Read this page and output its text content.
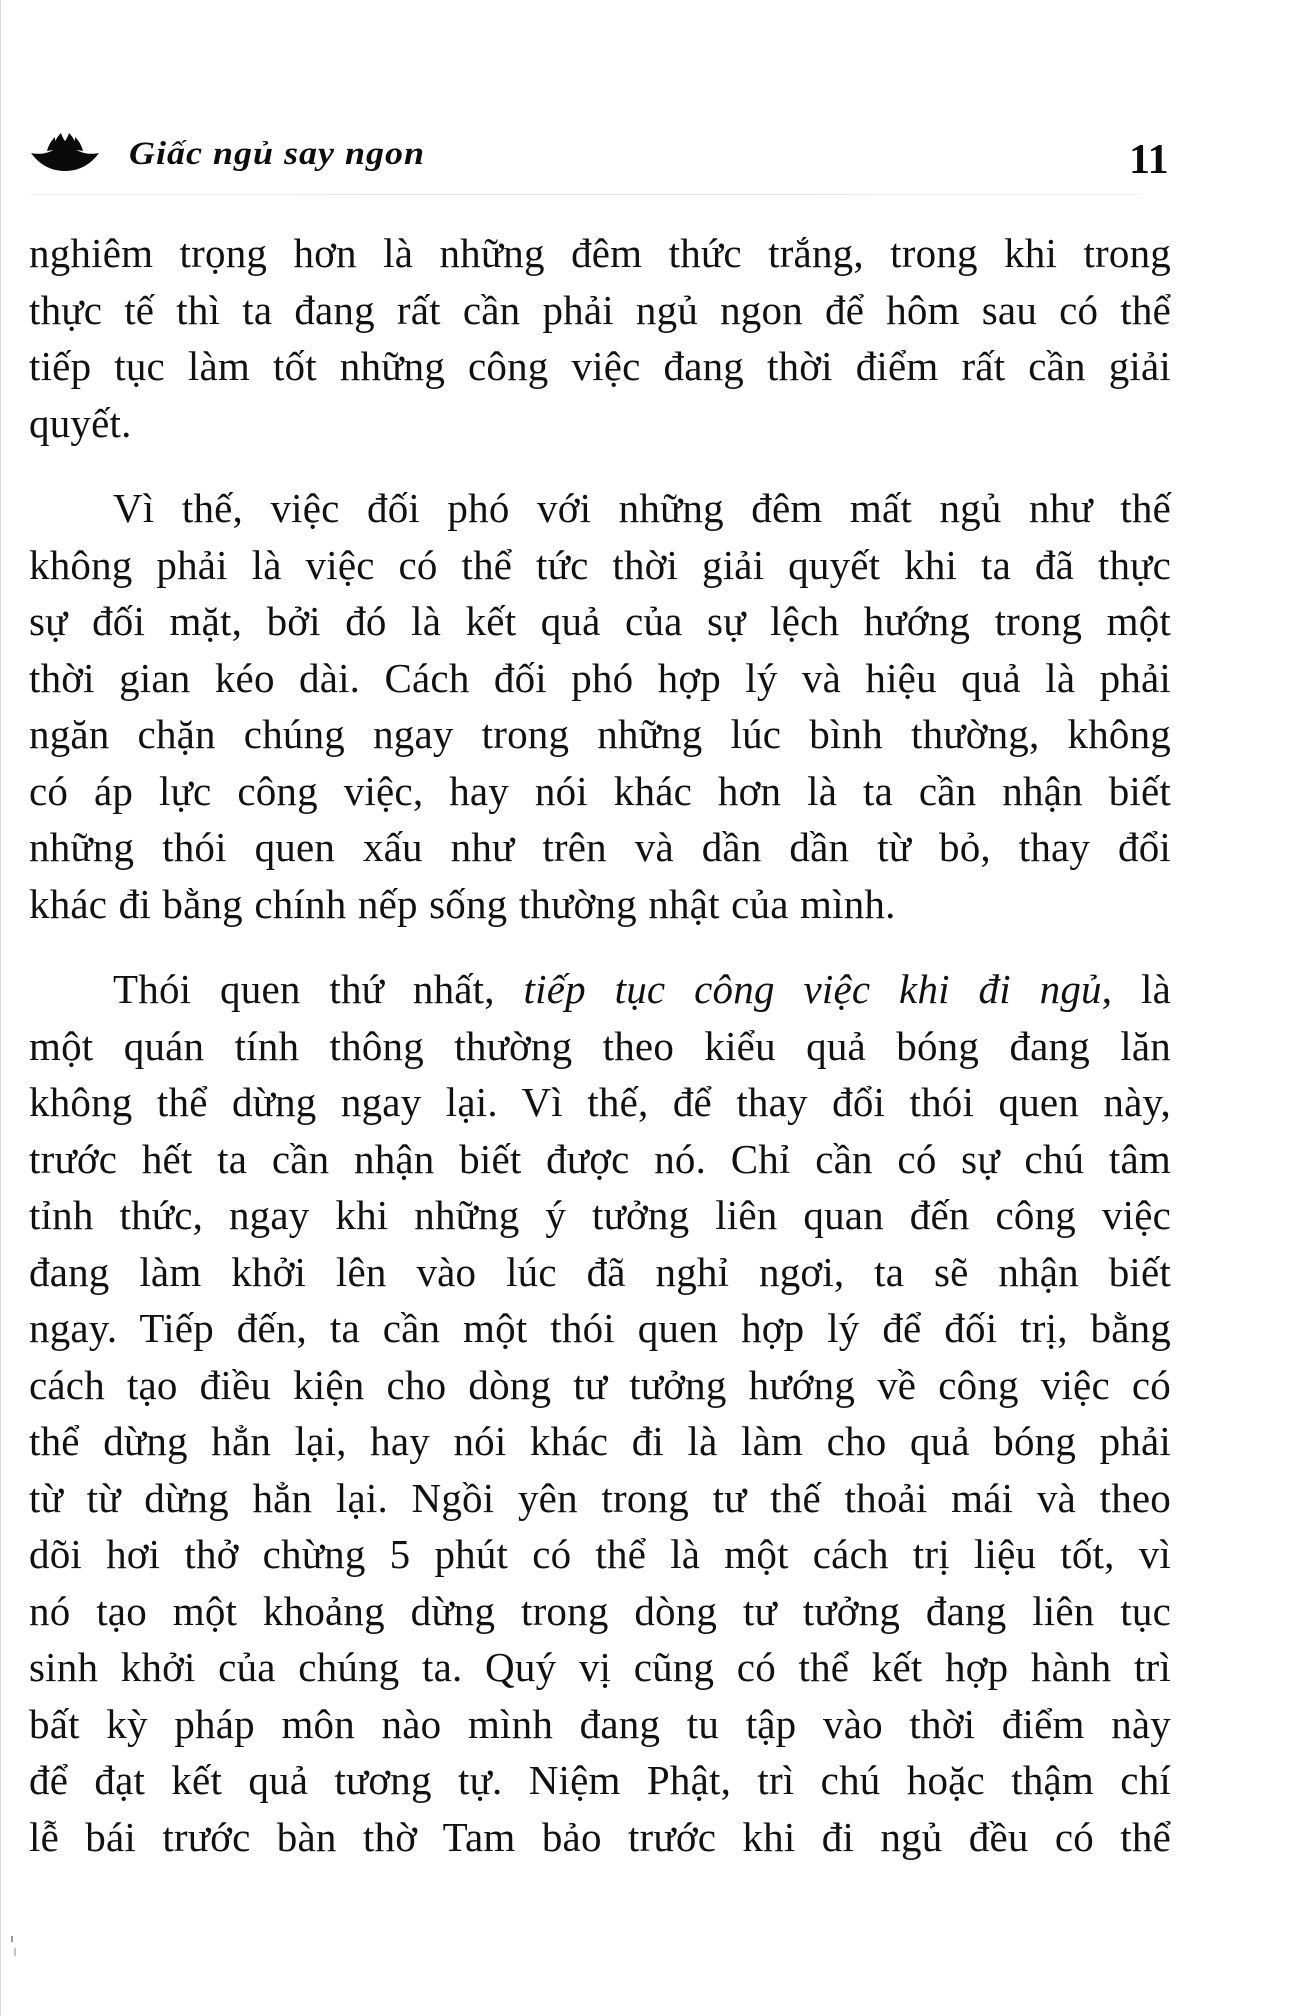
Giấc ngủ say ngon	11

nghiêm trọng hơn là những đêm thức trắng, trong khi trong
thực tế thì ta đang rất cần phải ngủ ngon để hôm sau có thể
tiếp tục làm tốt những công việc đang thời điểm rất cần giải
quyết.

Vì thế, việc đối phó với những đêm mất ngủ như thế
không phải là việc có thể tức thời giải quyết khi ta đã thực
sự đối mặt, bởi đó là kết quả của sự lệch hướng trong một
thời gian kéo dài. Cách đối phó hợp lý và hiệu quả là phải
ngăn chặn chúng ngay trong những lúc bình thường, không
có áp lực công việc, hay nói khác hơn là ta cần nhận biết
những thói quen xấu như trên và dần dần từ bỏ, thay đổi
khác đi bằng chính nếp sống thường nhật của mình.

Thói quen thứ nhất, tiếp tục công việc khi đi ngủ, là
một quán tính thông thường theo kiểu quả bóng đang lăn
không thể dừng ngay lại. Vì thế, để thay đổi thói quen này,
trước hết ta cần nhận biết được nó. Chỉ cần có sự chú tâm
tỉnh thức, ngay khi những ý tưởng liên quan đến công việc
đang làm khởi lên vào lúc đã nghỉ ngơi, ta sẽ nhận biết
ngay. Tiếp đến, ta cần một thói quen hợp lý để đối trị, bằng
cách tạo điều kiện cho dòng tư tưởng hướng về công việc có
thể dừng hẳn lại, hay nói khác đi là làm cho quả bóng phải
từ từ dừng hẳn lại. Ngồi yên trong tư thế thoải mái và theo
dõi hơi thở chừng 5 phút có thể là một cách trị liệu tốt, vì
nó tạo một khoảng dừng trong dòng tư tưởng đang liên tục
sinh khởi của chúng ta. Quý vị cũng có thể kết hợp hành trì
bất kỳ pháp môn nào mình đang tu tập vào thời điểm này
để đạt kết quả tương tự. Niệm Phật, trì chú hoặc thậm chí
lễ bái trước bàn thờ Tam bảo trước khi đi ngủ đều có thể
